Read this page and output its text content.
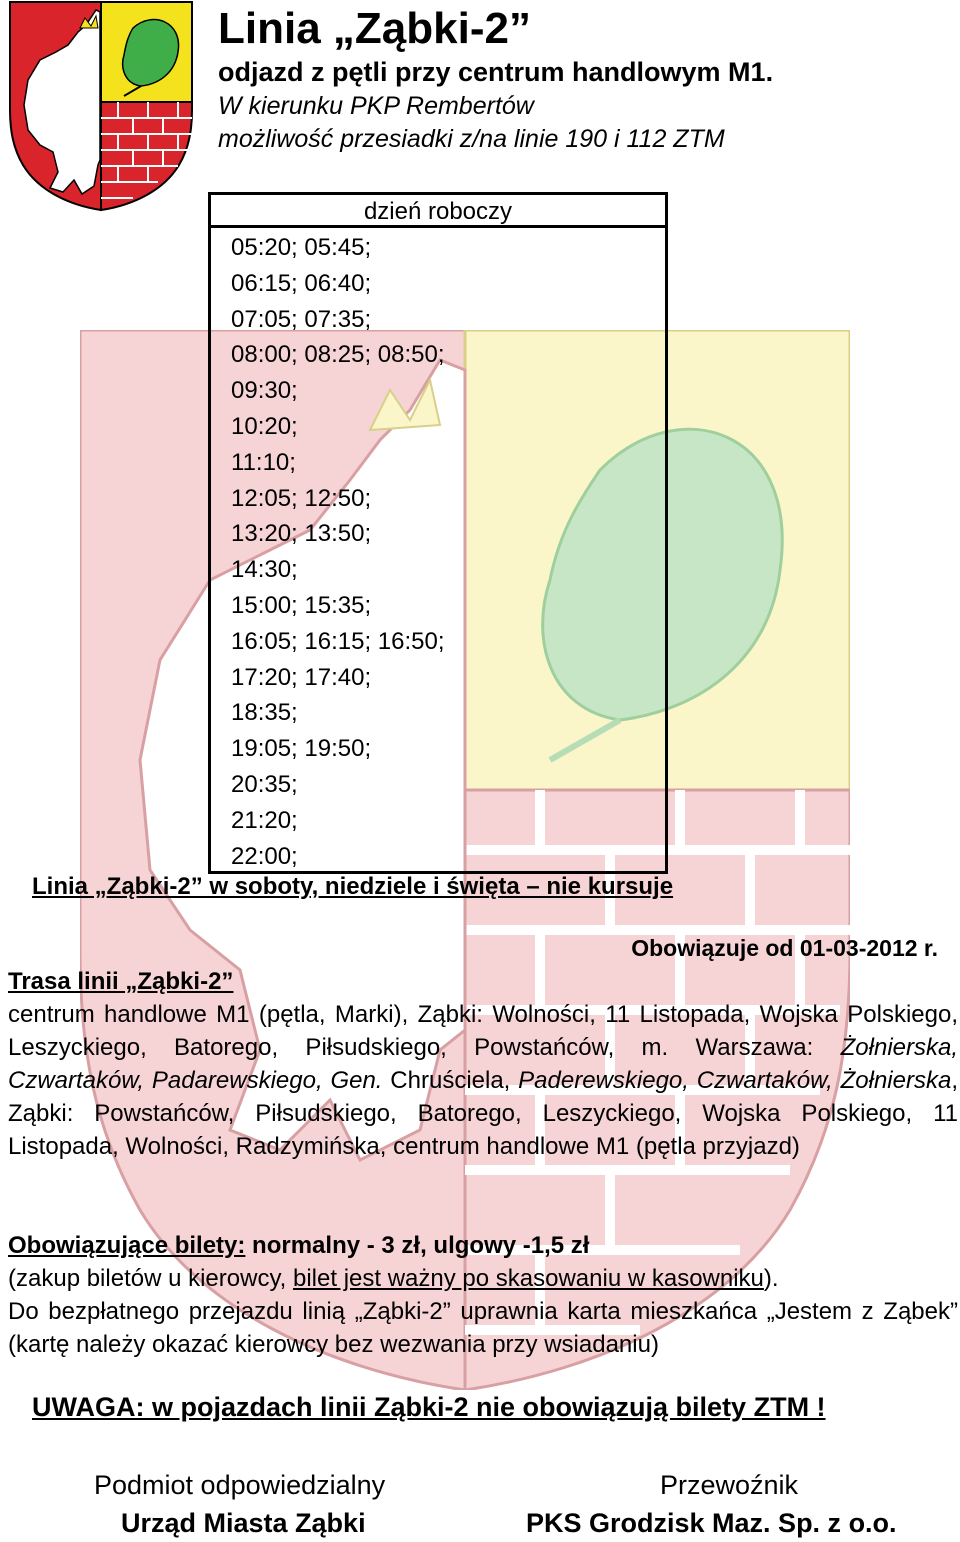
Linia „Ząbki-2”
odjazd z pętli przy centrum handlowym M1.
W kierunku PKP Rembertów
możliwość przesiadki z/na linie 190 i 112 ZTM
dzień roboczy
05:20; 05:45;
06:15; 06:40;
07:05; 07:35;
08:00; 08:25; 08:50;
09:30;
10:20;
11:10;
12:05; 12:50;
13:20; 13:50;
14:30;
15:00; 15:35;
16:05; 16:15; 16:50;
17:20; 17:40;
18:35;
19:05; 19:50;
20:35;
21:20;
22:00;
Linia „Ząbki-2” w soboty, niedziele i święta – nie kursuje
Obowiązuje od 01-03-2012 r.
Trasa linii „Ząbki-2”
centrum handlowe M1 (pętla, Marki), Ząbki: Wolności, 11 Listopada, Wojska Polskiego, Leszyckiego, Batorego, Piłsudskiego, Powstańców, m. Warszawa: Żołnierska, Czwartaków, Padarewskiego, Gen. Chruściela, Paderewskiego, Czwartaków, Żołnierska, Ząbki: Powstańców, Piłsudskiego, Batorego, Leszyckiego, Wojska Polskiego, 11 Listopada, Wolności, Radzymińska, centrum handlowe M1 (pętla przyjazd)
Obowiązujące bilety: normalny - 3 zł, ulgowy -1,5 zł
(zakup biletów u kierowcy, bilet jest ważny po skasowaniu w kasowniku).
Do bezpłatnego przejazdu linią „Ząbki-2” uprawnia karta mieszkańca „Jestem z Ząbek” (kartę należy okazać kierowcy bez wezwania przy wsiadaniu)
UWAGA: w pojazdach linii Ząbki-2 nie obowiązują bilety ZTM !
Podmiot odpowiedzialny
Urząd Miasta Ząbki
Przewoźnik
PKS Grodzisk Maz. Sp. z o.o.
